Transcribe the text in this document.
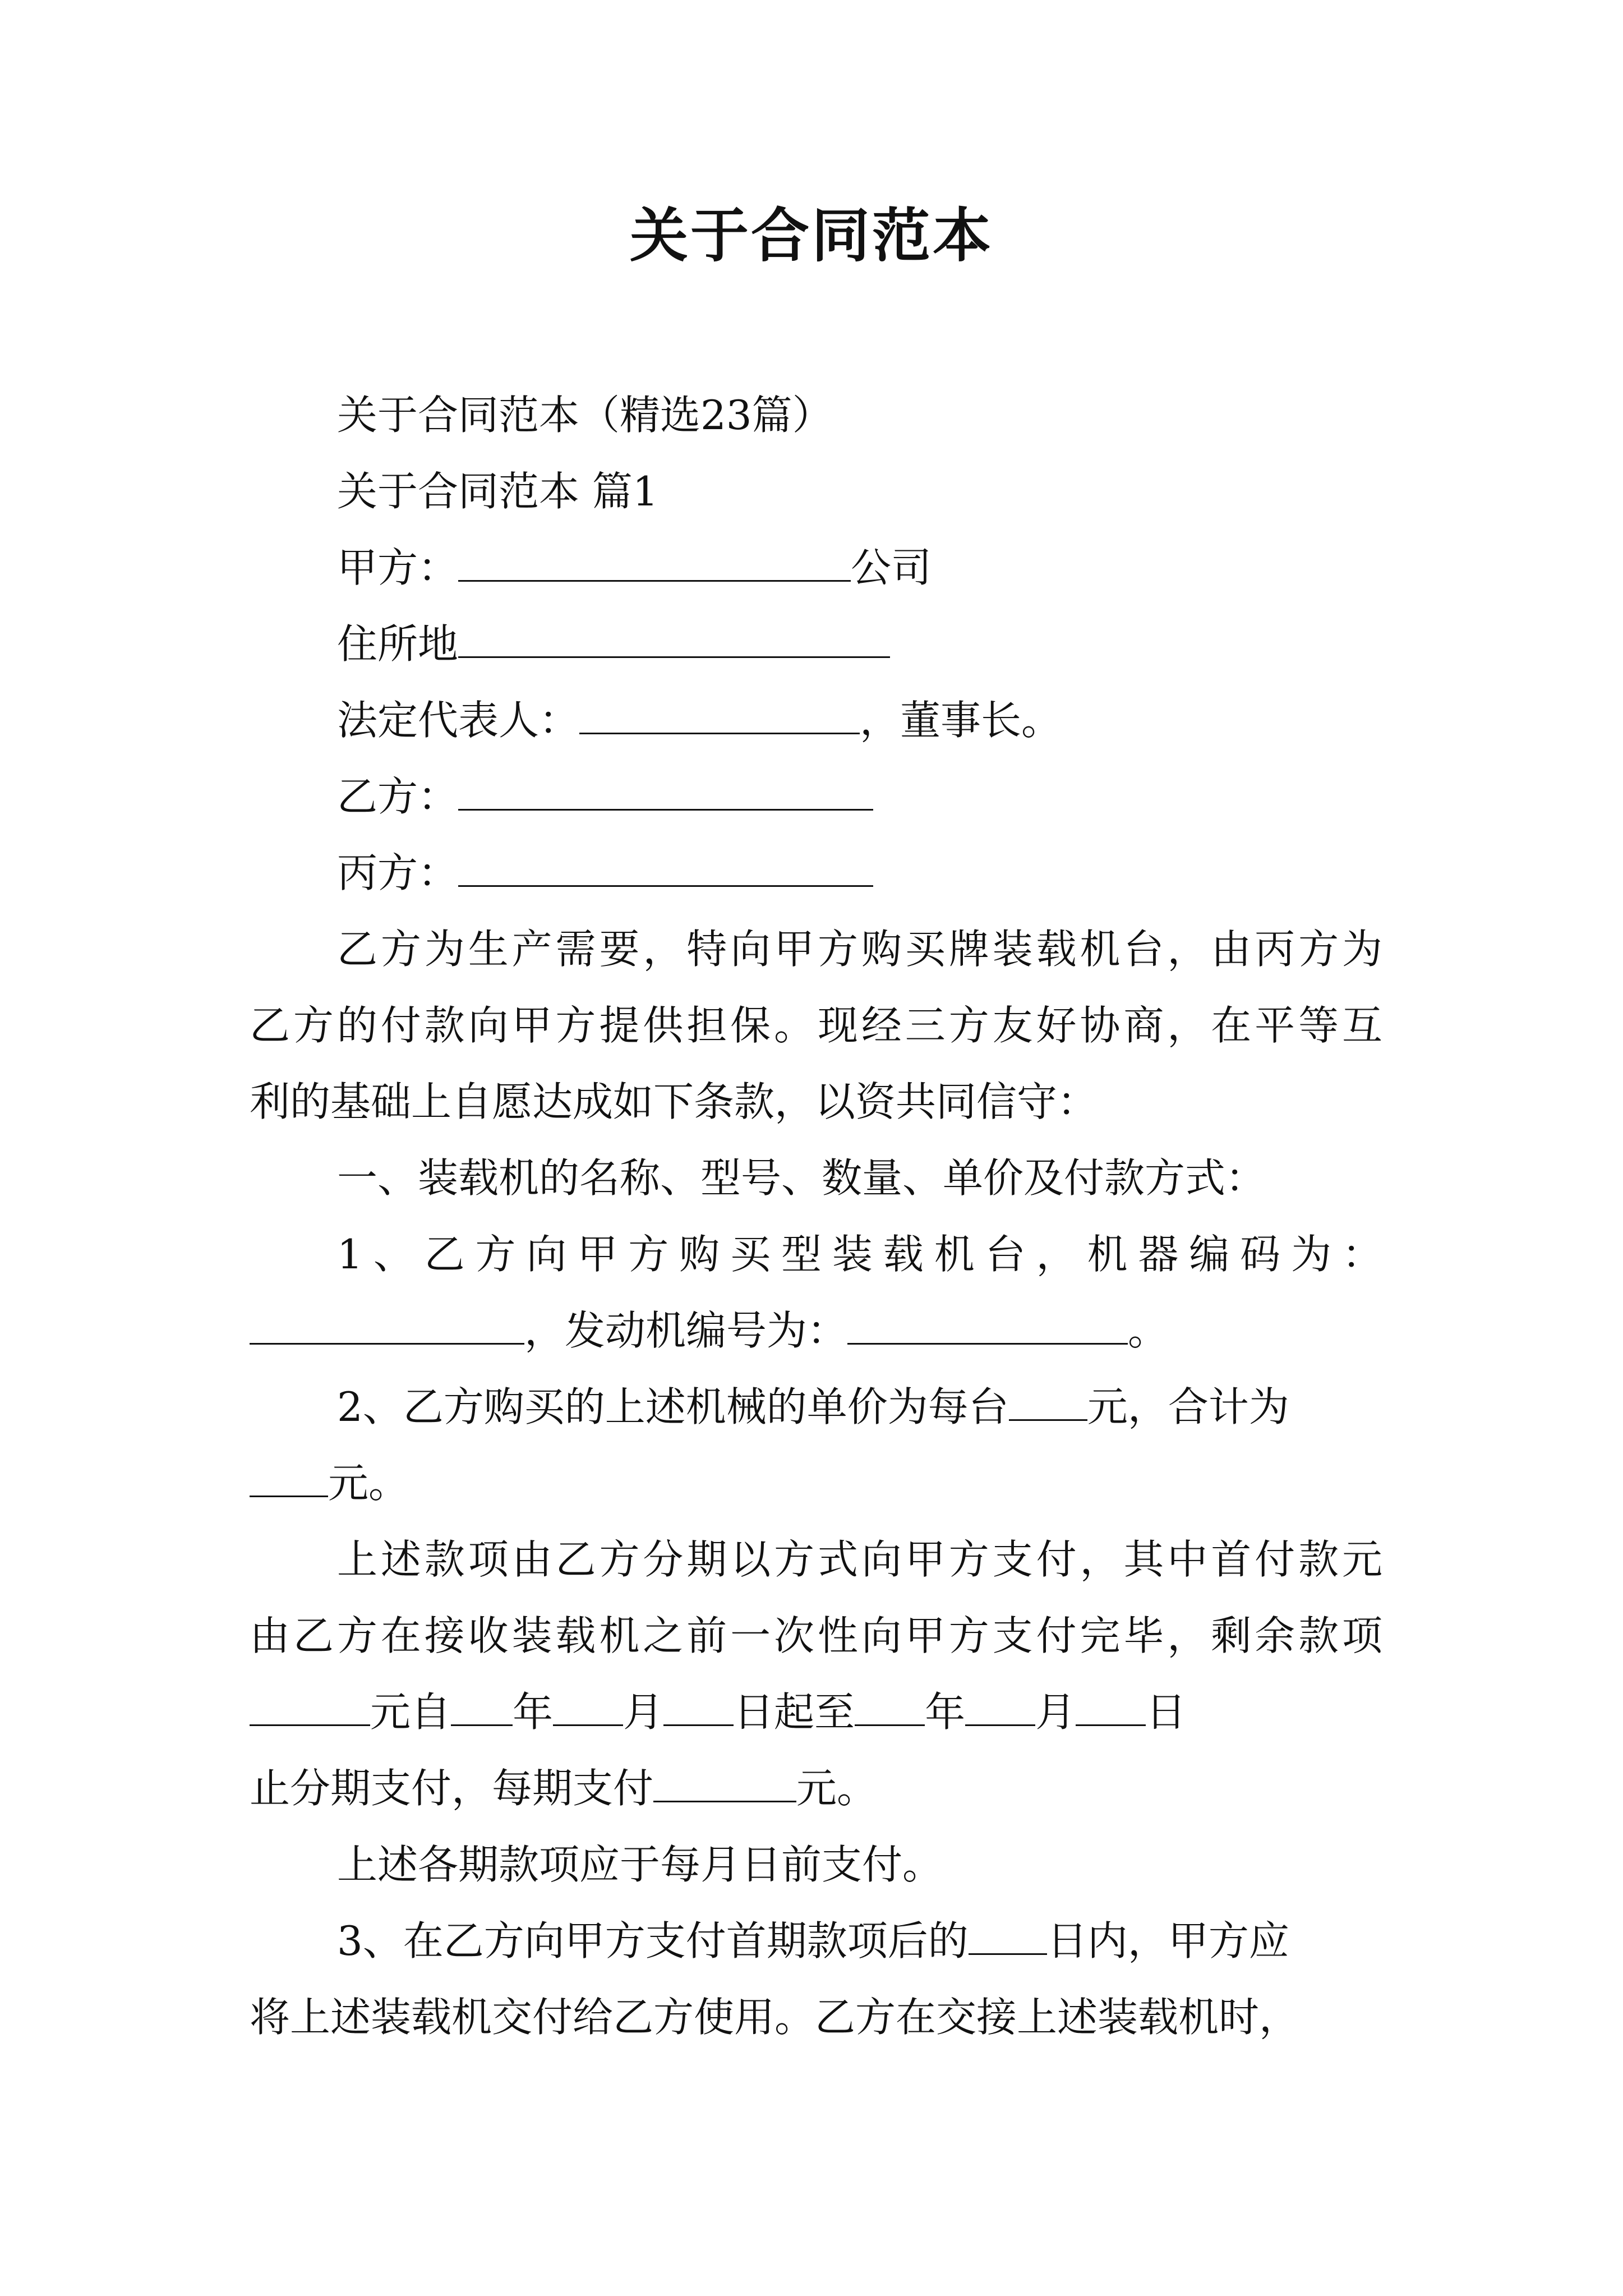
关于合同范本
关于合同范本（精选23篇）
关于合同范本 篇1
甲方：	公司
住所地
法定代表人：	，董事长。
乙方：
丙方：
乙方为生产需要，特向甲方购买牌装载机台，由丙方为
乙方的付款向甲方提供担保。现经三方友好协商，在平等互
利的基础上自愿达成如下条款，以资共同信守：
一、装载机的名称、型号、数量、单价及付款方式：
1、乙方向甲方购买型装载机台，机器编码为：
，发动机编号为：	。
2、乙方购买的上述机械的单价为每台 元，合计为
元。
上述款项由乙方分期以方式向甲方支付，其中首付款元
由乙方在接收装载机之前一次性向甲方支付完毕，剩余款项
元自 年 月 日起至 年 月 日
止分期支付，每期支付	元。
上述各期款项应于每月日前支付。
3、在乙方向甲方支付首期款项后的 日内，甲方应
将上述装载机交付给乙方使用。乙方在交接上述装载机时，
